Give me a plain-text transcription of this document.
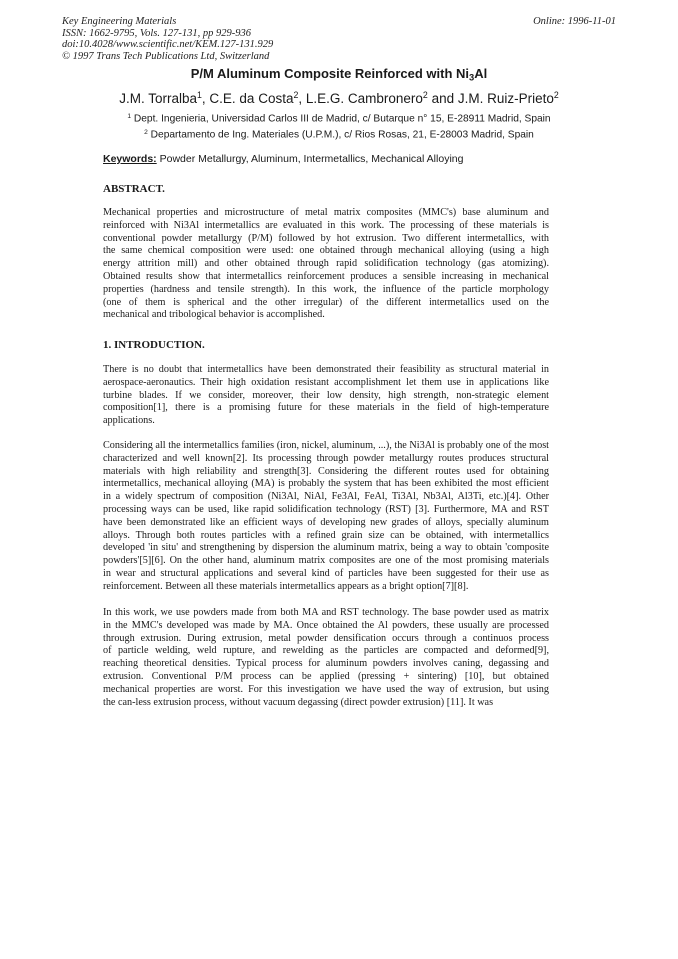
Key Engineering Materials
ISSN: 1662-9795, Vols. 127-131, pp 929-936
doi:10.4028/www.scientific.net/KEM.127-131.929
© 1997 Trans Tech Publications Ltd, Switzerland
Online: 1996-11-01
P/M Aluminum Composite Reinforced with $Ni_3Al$
J.M. Torralba$^1$, C.E. da Costa$^2$, L.E.G. Cambronero$^2$ and J.M. Ruiz-Prieto$^2$
$^1$ Dept. Ingenieria, Universidad Carlos III de Madrid, c/ Butarque n° 15, E-28911 Madrid, Spain
$^2$ Departamento de Ing. Materiales (U.P.M.), c/ Rios Rosas, 21, E-28003 Madrid, Spain
Keywords: Powder Metallurgy, Aluminum, Intermetallics, Mechanical Alloying
ABSTRACT.
Mechanical properties and microstructure of metal matrix composites (MMC's) base aluminum and
reinforced with Ni3Al intermetallics are evaluated in this work. The processing of these materials is
conventional powder metallurgy (P/M) followed by hot extrusion. Two different intermetallics, with
the same chemical composition were used: one obtained through mechanical alloying (using a high
energy attrition mill) and other obtained through rapid solidification technology (gas atomizing).
Obtained results show that intermetallics reinforcement produces a sensible increasing in mechanical
properties (hardness and tensile strength). In this work, the influence of the particle morphology
(one of them is spherical and the other irregular) of the different intermetallics used on the
mechanical and tribological behavior is accomplished.
1. INTRODUCTION.
There is no doubt that intermetallics have been demonstrated their feasibility as structural material in
aerospace-aeronautics. Their high oxidation resistant accomplishment let them use in applications like
turbine blades. If we consider, moreover, their low density, high strength, non-strategic element
composition[1], there is a promising future for these materials in the field of high-temperature
applications.
Considering all the intermetallics families (iron, nickel, aluminum, ...), the Ni3Al is probably one of the most
characterized and well known[2]. Its processing through powder metallurgy routes produces structural
materials with high reliability and strength[3]. Considering the different routes used for obtaining
intermetallics, mechanical alloying (MA) is probably the system that has been exhibited the most efficient
in a widely spectrum of composition (Ni3Al, NiAl, Fe3Al, FeAl, Ti3Al, Nb3Al, Al3Ti, etc.)[4]. Other
processing ways can be used, like rapid solidification technology (RST) [3]. Furthermore, MA and RST
have been demonstrated like an efficient ways of developing new grades of alloys, specially aluminum
alloys. Through both routes particles with a refined grain size can be obtained, with intermetallics
developed 'in situ' and strengthening by dispersion the aluminum matrix, being a way to obtain 'composite
powders'[5][6]. On the other hand, aluminum matrix composites are one of the most promising materials
in wear and structural applications and several kind of particles have been suggested for their use as
reinforcement. Between all these materials intermetallics appears as a bright option[7][8].
In this work, we use powders made from both MA and RST technology. The base powder used as matrix
in the MMC's developed was made by MA. Once obtained the Al powders, these usually are processed
through extrusion. During extrusion, metal powder densification occurs through a continuos process
of particle welding, weld rupture, and rewelding as the particles are compacted and deformed[9],
reaching theoretical densities. Typical process for aluminum powders involves caning, degassing and
extrusion. Conventional P/M process can be applied (pressing + sintering) [10], but obtained
mechanical properties are worst. For this investigation we have used the way of extrusion, but using
the can-less extrusion process, without vacuum degassing (direct powder extrusion) [11]. It was
